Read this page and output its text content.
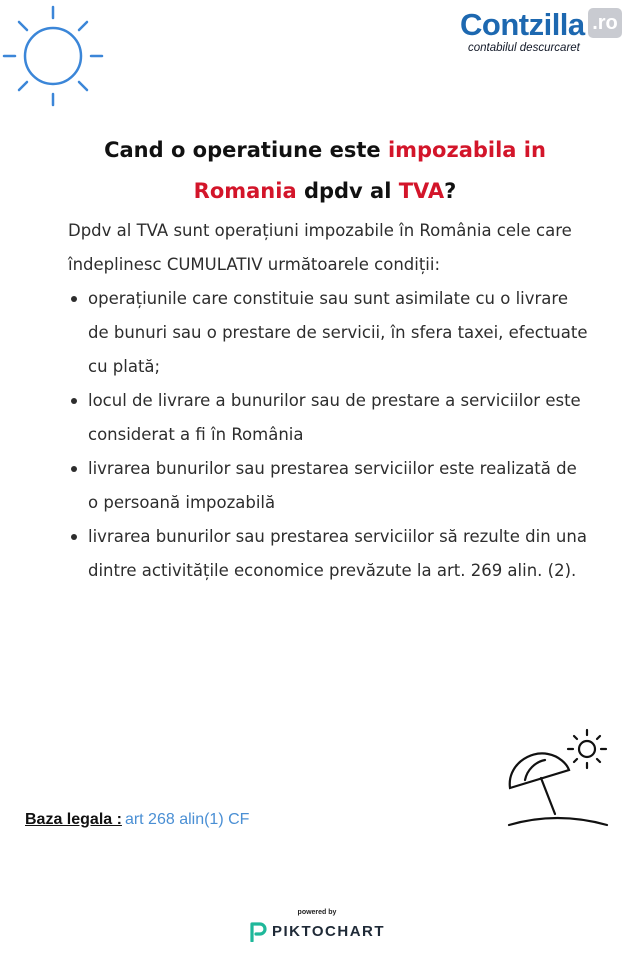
Contzilla .ro
contabilul descurcaret
Cand o operatiune este impozabila in Romania dpdv al TVA?

Dpdv al TVA sunt operațiuni impozabile în România cele care îndeplinesc CUMULATIV următoarele condiții:

operațiunile care constituie sau sunt asimilate cu o livrare de bunuri sau o prestare de servicii, în sfera taxei, efectuate cu plată;
locul de livrare a bunurilor sau de prestare a serviciilor este considerat a fi în România
livrarea bunurilor sau prestarea serviciilor este realizată de o persoană impozabilă
livrarea bunurilor sau prestarea serviciilor să rezulte din una dintre activitățile economice prevăzute la art. 269 alin. (2).
Baza legala : art 268 alin(1) CF
powered by
PIKTOCHART
